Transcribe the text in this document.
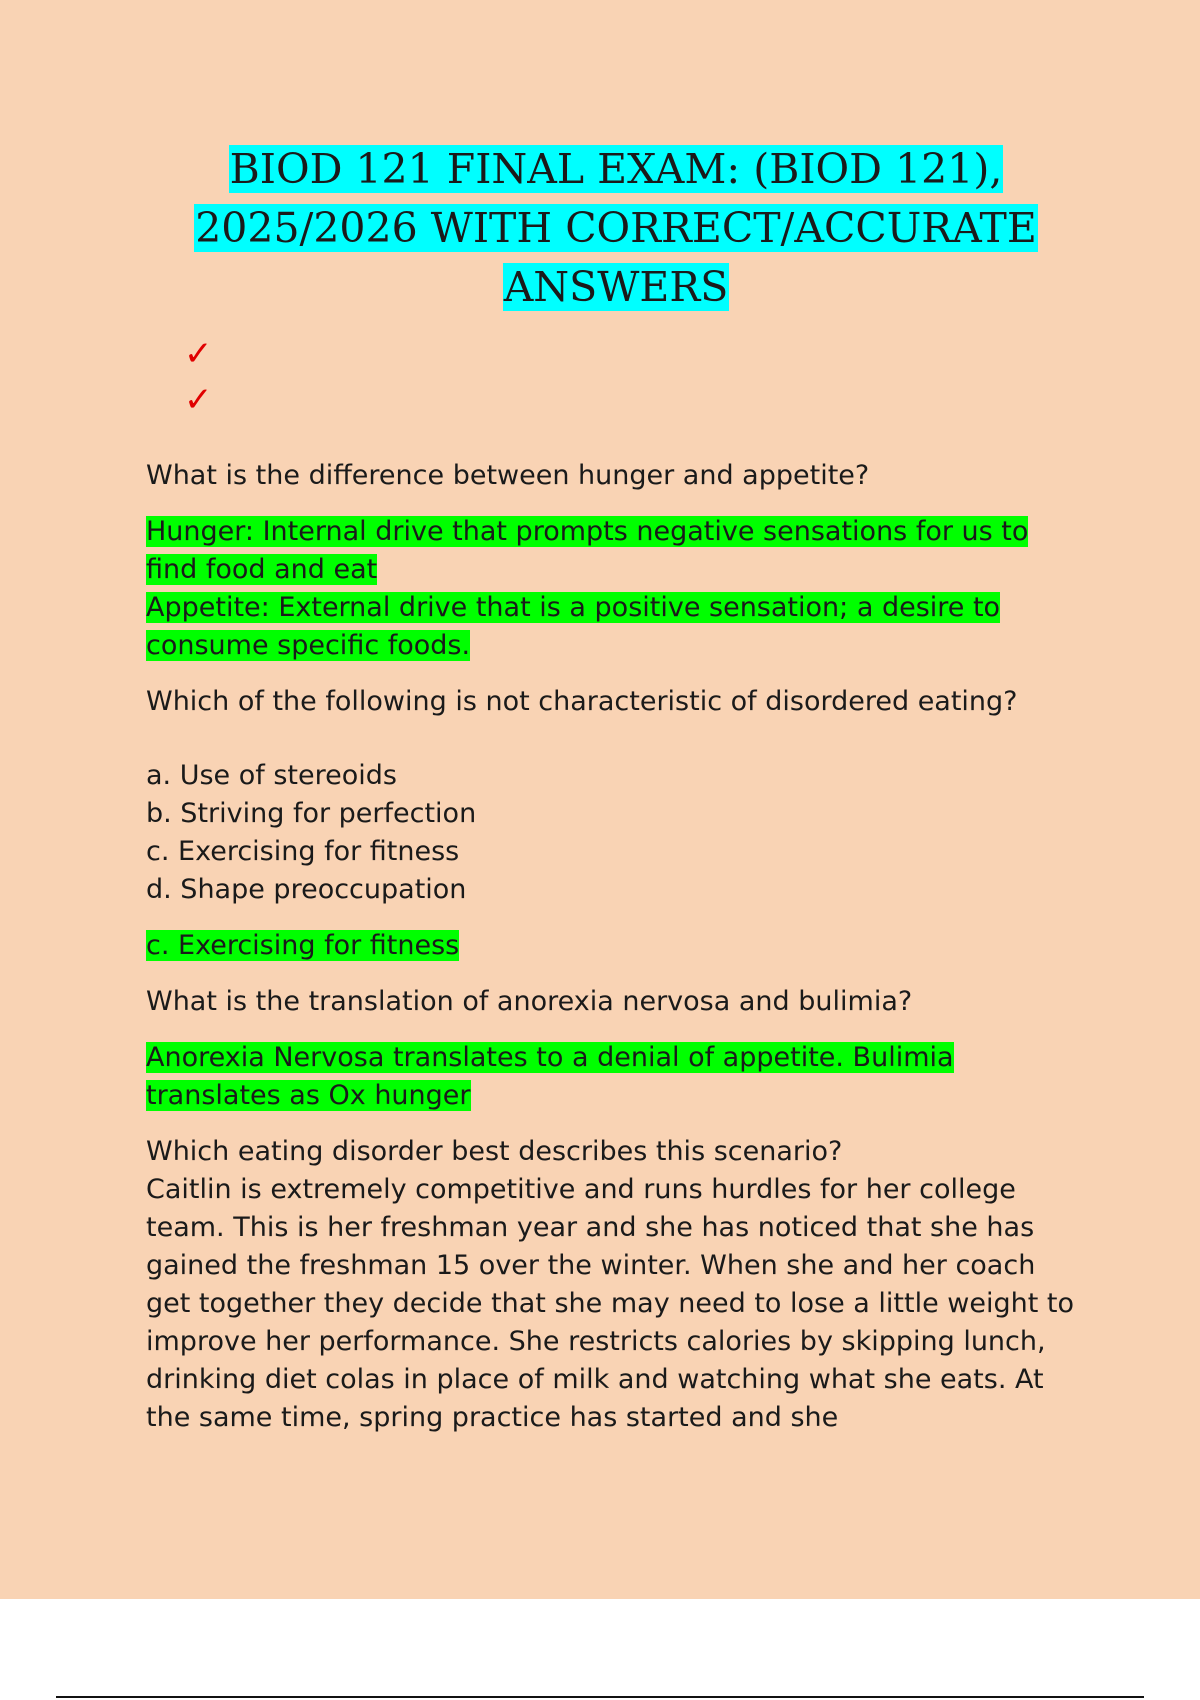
BIOD 121 FINAL EXAM: (BIOD 121), 2025/2026 WITH CORRECT/ACCURATE ANSWERS
✓
✓

What is the difference between hunger and appetite?

Hunger: Internal drive that prompts negative sensations for us to find food and eat
Appetite: External drive that is a positive sensation; a desire to consume specific foods.

Which of the following is not characteristic of disordered eating?

a. Use of stereoids
b. Striving for perfection
c. Exercising for fitness
d. Shape preoccupation
c. Exercising for fitness

What is the translation of anorexia nervosa and bulimia?

Anorexia Nervosa translates to a denial of appetite. Bulimia translates as Ox hunger

Which eating disorder best describes this scenario?
Caitlin is extremely competitive and runs hurdles for her college team. This is her freshman year and she has noticed that she has gained the freshman 15 over the winter. When she and her coach get together they decide that she may need to lose a little weight to improve her performance. She restricts calories by skipping lunch, drinking diet colas in place of milk and watching what she eats. At the same time, spring practice has started and she
